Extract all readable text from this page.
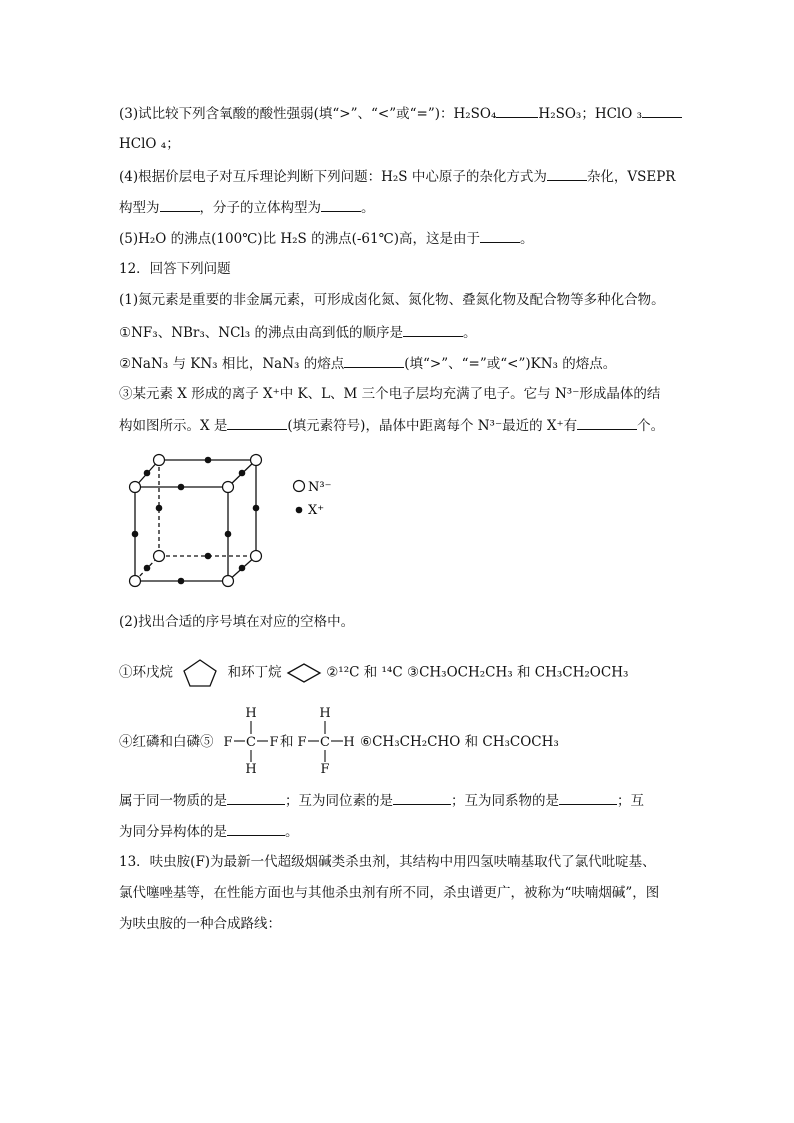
(3)试比较下列含氧酸的酸性强弱(填“>”、“<”或“=”)：H₂SO₄	H₂SO₃；HClO ₃
HClO ₄；
(4)根据价层电子对互斥理论判断下列问题：H₂S 中心原子的杂化方式为	杂化，VSEPR
构型为	，分子的立体构型为	。
(5)H₂O 的沸点(100℃)比 H₂S 的沸点(-61℃)高，这是由于	。
12．回答下列问题
(1)氮元素是重要的非金属元素，可形成卤化氮、氮化物、叠氮化物及配合物等多种化合物。
①NF₃、NBr₃、NCl₃ 的沸点由高到低的顺序是	。
②NaN₃ 与 KN₃ 相比，NaN₃ 的熔点	(填“>”、“=”或“<”)KN₃ 的熔点。
③某元素 X 形成的离子 X⁺中 K、L、M 三个电子层均充满了电子。它与 N³⁻形成晶体的结
构如图所示。X 是	(填元素符号)，晶体中距离每个 N³⁻最近的 X⁺有	个。
N³⁻
X⁺
(2)找出合适的序号填在对应的空格中。
①环戊烷	和环丁烷	②¹²C 和 ¹⁴C ③CH₃OCH₂CH₃ 和 CH₃CH₂OCH₃
④红磷和白磷⑤
H
F C F
H
和
H
F C H
F
⑥CH₃CH₂CHO 和 CH₃COCH₃
属于同一物质的是	；互为同位素的是	；互为同系物的是	；互
为同分异构体的是	。
13．呋虫胺(F)为最新一代超级烟碱类杀虫剂，其结构中用四氢呋喃基取代了氯代吡啶基、
氯代噻唑基等，在性能方面也与其他杀虫剂有所不同，杀虫谱更广，被称为“呋喃烟碱”，图
为呋虫胺的一种合成路线：
